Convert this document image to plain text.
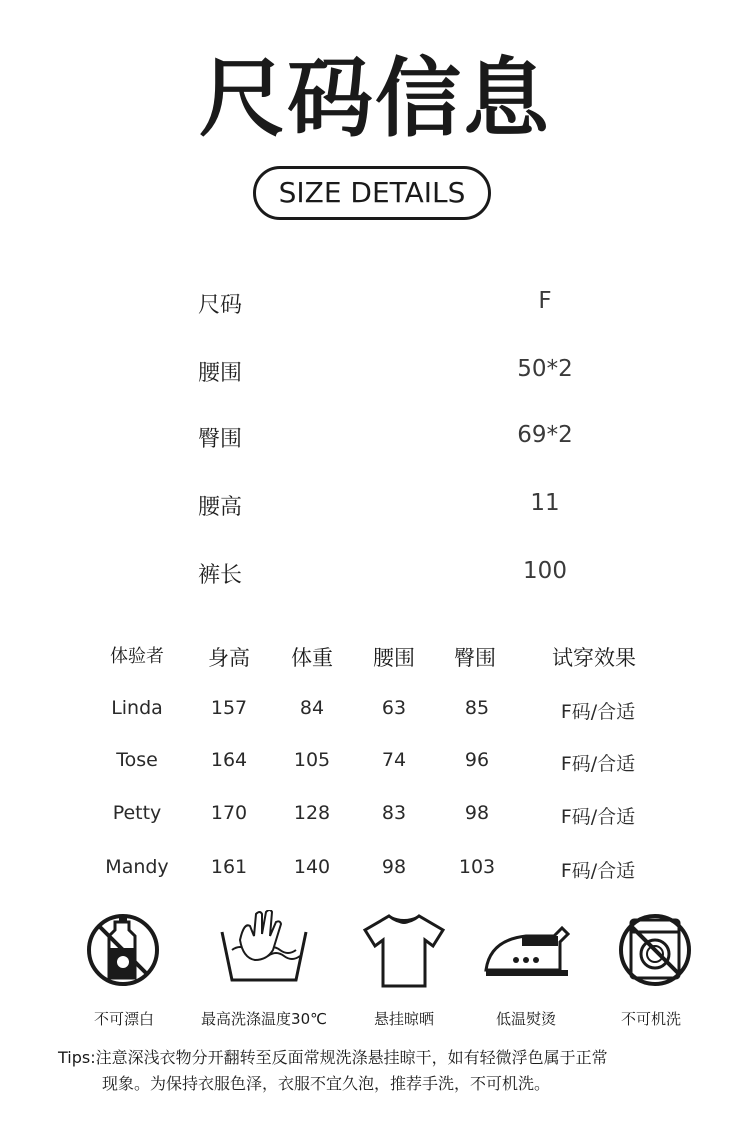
尺码信息
SIZE DETAILS
尺码	F
腰围	50*2
臀围	69*2
腰高	11
裤长	100
体验者	身高	体重	腰围	臀围	试穿效果
Linda	157	84	63	85	F码/合适
Tose	164	105	74	96	F码/合适
Petty	170	128	83	98	F码/合适
Mandy	161	140	98	103	F码/合适
不可漂白	最高洗涤温度30℃	悬挂晾晒	低温熨烫	不可机洗
Tips:注意深浅衣物分开翻转至反面常规洗涤悬挂晾干，如有轻微浮色属于正常
现象。为保持衣服色泽，衣服不宜久泡，推荐手洗，不可机洗。
